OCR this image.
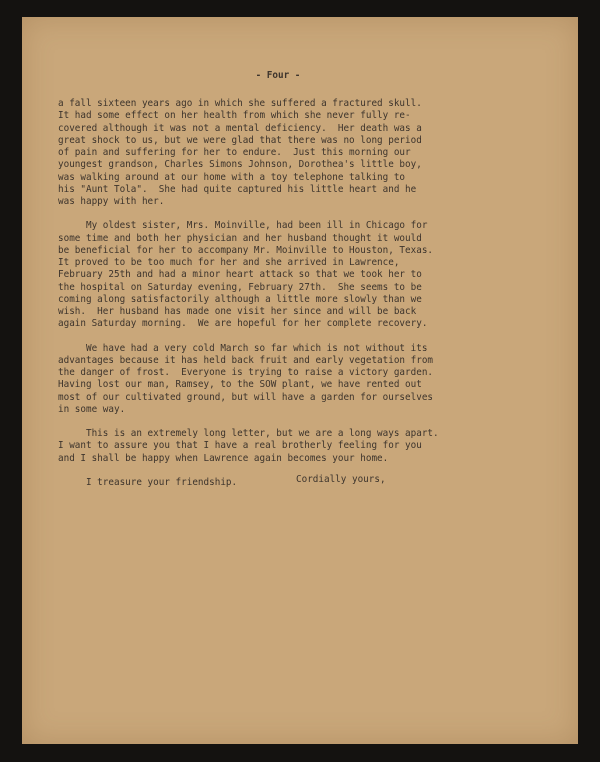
- Four -
a fall sixteen years ago in which she suffered a fractured skull.
It had some effect on her health from which she never fully re-
covered although it was not a mental deficiency.  Her death was a
great shock to us, but we were glad that there was no long period
of pain and suffering for her to endure.  Just this morning our
youngest grandson, Charles Simons Johnson, Dorothea's little boy,
was walking around at our home with a toy telephone talking to
his "Aunt Tola".  She had quite captured his little heart and he
was happy with her.
My oldest sister, Mrs. Moinville, had been ill in Chicago for
some time and both her physician and her husband thought it would
be beneficial for her to accompany Mr. Moinville to Houston, Texas.
It proved to be too much for her and she arrived in Lawrence,
February 25th and had a minor heart attack so that we took her to
the hospital on Saturday evening, February 27th.  She seems to be
coming along satisfactorily although a little more slowly than we
wish.  Her husband has made one visit her since and will be back
again Saturday morning.  We are hopeful for her complete recovery.
We have had a very cold March so far which is not without its
advantages because it has held back fruit and early vegetation from
the danger of frost.  Everyone is trying to raise a victory garden.
Having lost our man, Ramsey, to the SOW plant, we have rented out
most of our cultivated ground, but will have a garden for ourselves
in some way.
This is an extremely long letter, but we are a long ways apart.
I want to assure you that I have a real brotherly feeling for you
and I shall be happy when Lawrence again becomes your home.
I treasure your friendship.	Cordially yours,
